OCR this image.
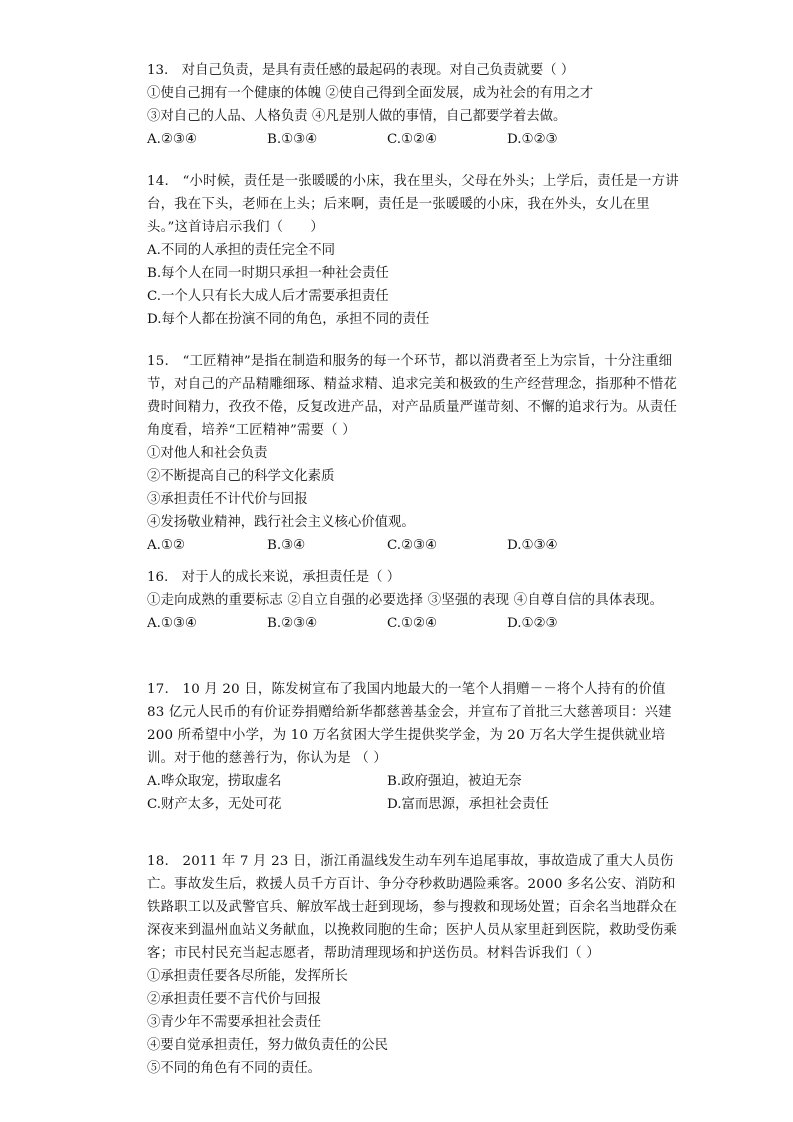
13.　对自己负责，是具有责任感的最起码的表现。对自己负责就要（ ）
①使自己拥有一个健康的体魄 ②使自己得到全面发展，成为社会的有用之才
③对自己的人品、人格负责 ④凡是别人做的事情，自己都要学着去做。
A.②③④	B.①③④	C.①②④	D.①②③
14.　“小时候，责任是一张暖暖的小床，我在里头，父母在外头；上学后，责任是一方讲台，我在下头，老师在上头；后来啊，责任是一张暖暖的小床，我在外头，女儿在里头。”这首诗启示我们（　　）
A.不同的人承担的责任完全不同
B.每个人在同一时期只承担一种社会责任
C.一个人只有长大成人后才需要承担责任
D.每个人都在扮演不同的角色，承担不同的责任
15.　“工匠精神”是指在制造和服务的每一个环节，都以消费者至上为宗旨，十分注重细节，对自己的产品精雕细琢、精益求精、追求完美和极致的生产经营理念，指那种不惜花费时间精力，孜孜不倦，反复改进产品，对产品质量严谨苛刻、不懈的追求行为。从责任角度看，培养“工匠精神”需要（ ）
①对他人和社会负责
②不断提高自己的科学文化素质
③承担责任不计代价与回报
④发扬敬业精神，践行社会主义核心价值观。
A.①②	B.③④	C.②③④	D.①③④
16.　对于人的成长来说，承担责任是（ ）
①走向成熟的重要标志 ②自立自强的必要选择 ③坚强的表现 ④自尊自信的具体表现。
A.①③④	B.②③④	C.①②④	D.①②③
17.　10 月 20 日，陈发树宣布了我国内地最大的一笔个人捐赠－－将个人持有的价值 83 亿元人民币的有价证券捐赠给新华都慈善基金会，并宣布了首批三大慈善项目：兴建 200 所希望中小学，为 10 万名贫困大学生提供奖学金，为 20 万名大学生提供就业培训。对于他的慈善行为，你认为是 （ ）
A.哗众取宠，捞取虚名	B.政府强迫，被迫无奈
C.财产太多，无处可花	D.富而思源，承担社会责任
18.　2011 年 7 月 23 日，浙江甬温线发生动车列车追尾事故，事故造成了重大人员伤亡。事故发生后，救援人员千方百计、争分夺秒救助遇险乘客。2000 多名公安、消防和铁路职工以及武警官兵、解放军战士赶到现场，参与搜救和现场处置；百余名当地群众在深夜来到温州血站义务献血，以挽救同胞的生命；医护人员从家里赶到医院，救助受伤乘客；市民村民充当起志愿者，帮助清理现场和护送伤员。材料告诉我们（ ）
①承担责任要各尽所能，发挥所长
②承担责任要不言代价与回报
③青少年不需要承担社会责任
④要自觉承担责任，努力做负责任的公民
⑤不同的角色有不同的责任。
